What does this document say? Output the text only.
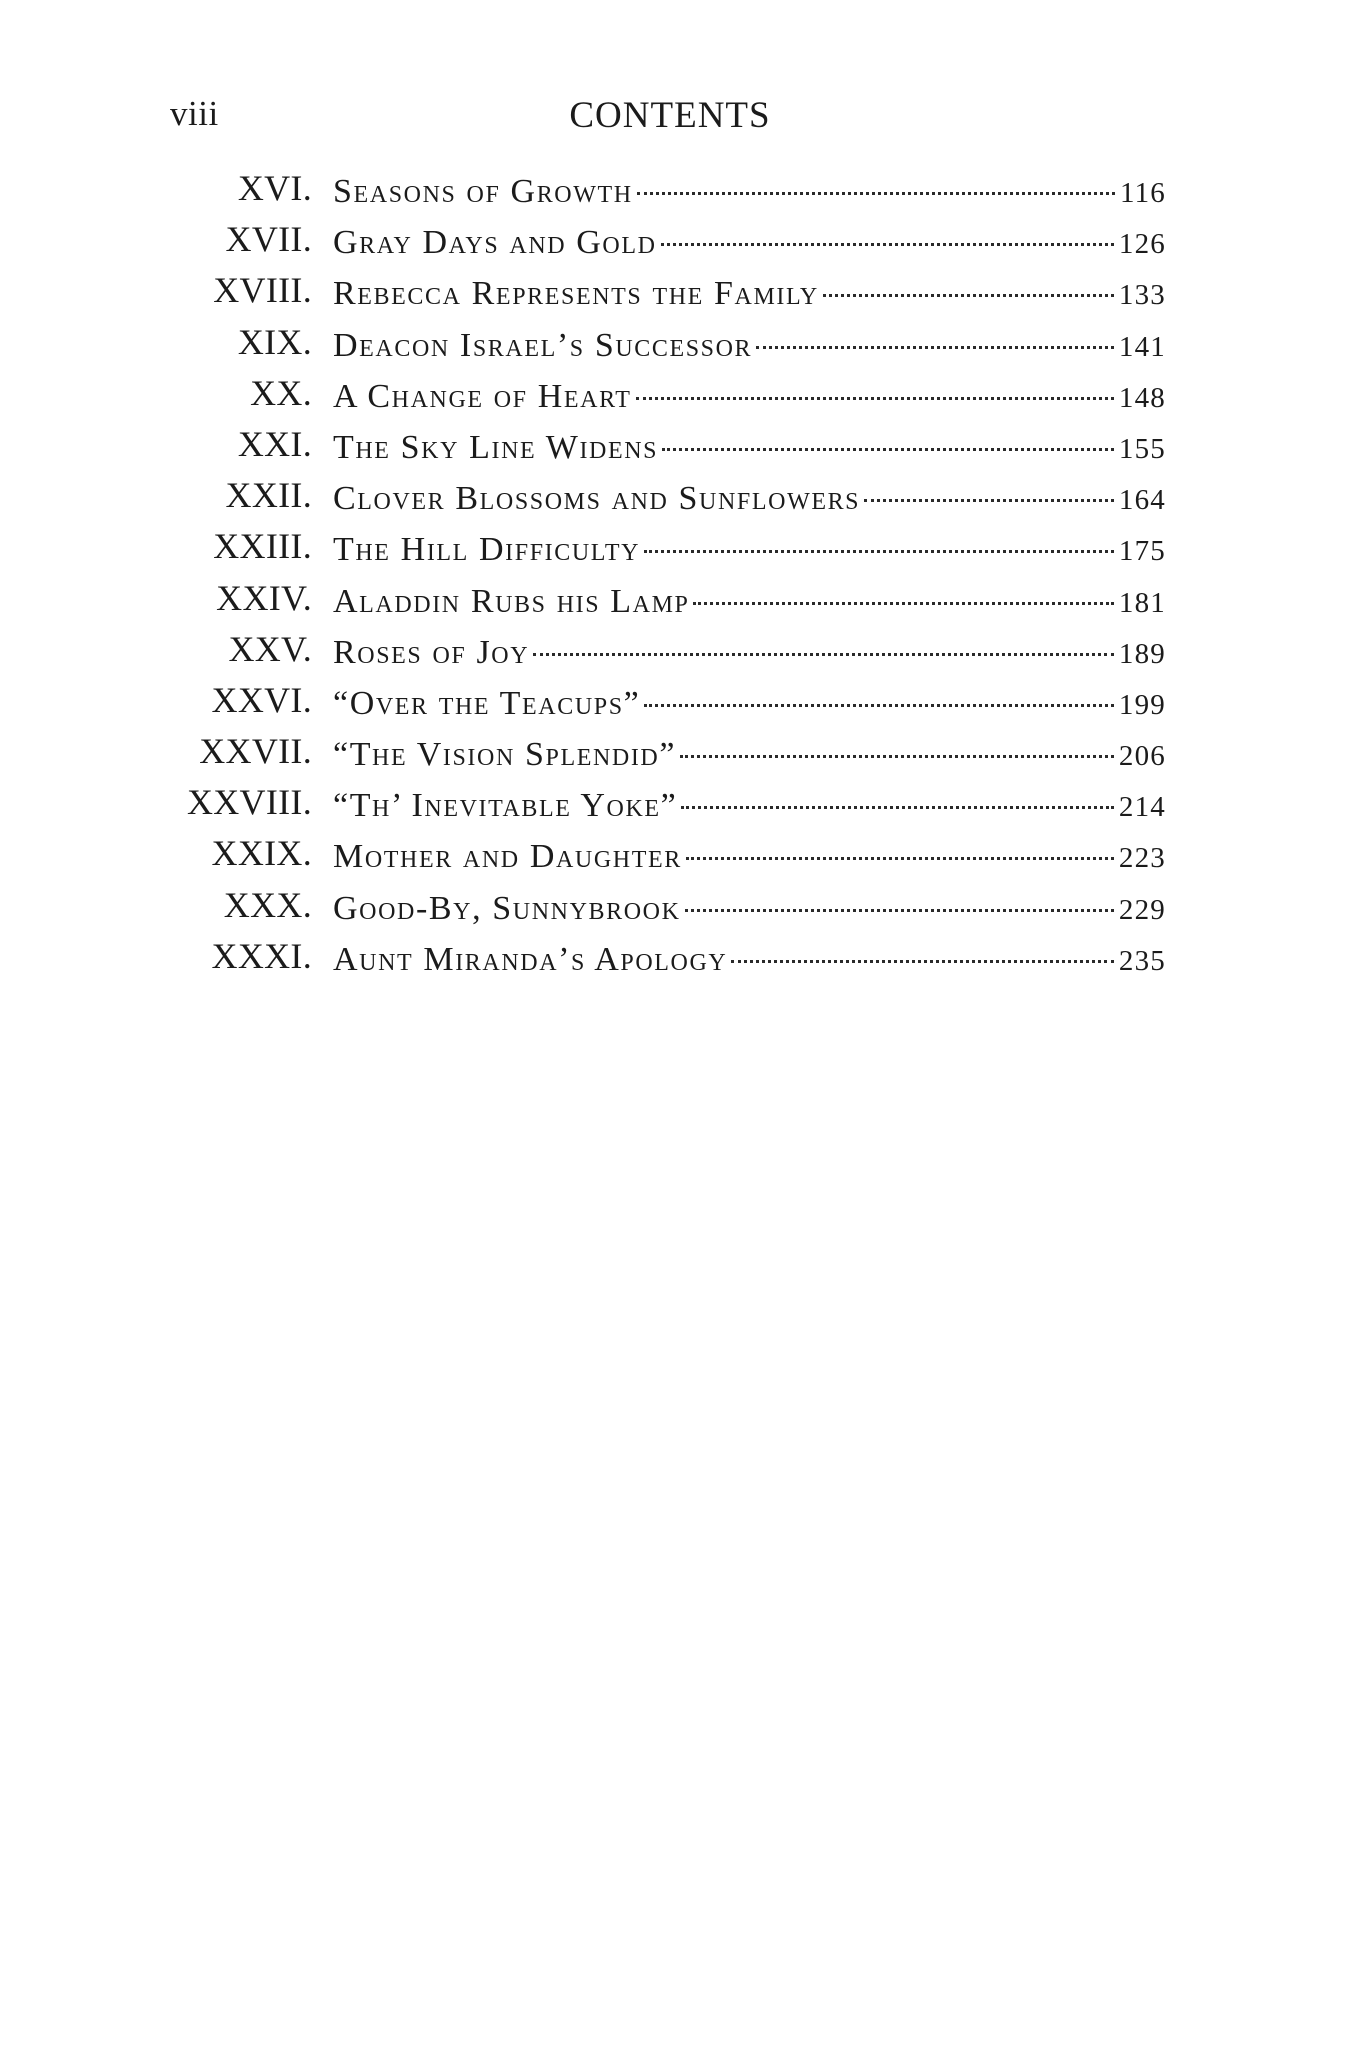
viii	CONTENTS
XVI. Seasons of Growth	116
XVII. Gray Days and Gold	126
XVIII. Rebecca Represents the Family	133
XIX. Deacon Israel’s Successor	141
XX. A Change of Heart	148
XXI. The Sky Line Widens	155
XXII. Clover Blossoms and Sunflowers	164
XXIII. The Hill Difficulty	175
XXIV. Aladdin Rubs his Lamp	181
XXV. Roses of Joy	189
XXVI. “Over the Teacups”	199
XXVII. “The Vision Splendid”	206
XXVIII. “Th’ Inevitable Yoke”	214
XXIX. Mother and Daughter	223
XXX. Good-By, Sunnybrook	229
XXXI. Aunt Miranda’s Apology	235
